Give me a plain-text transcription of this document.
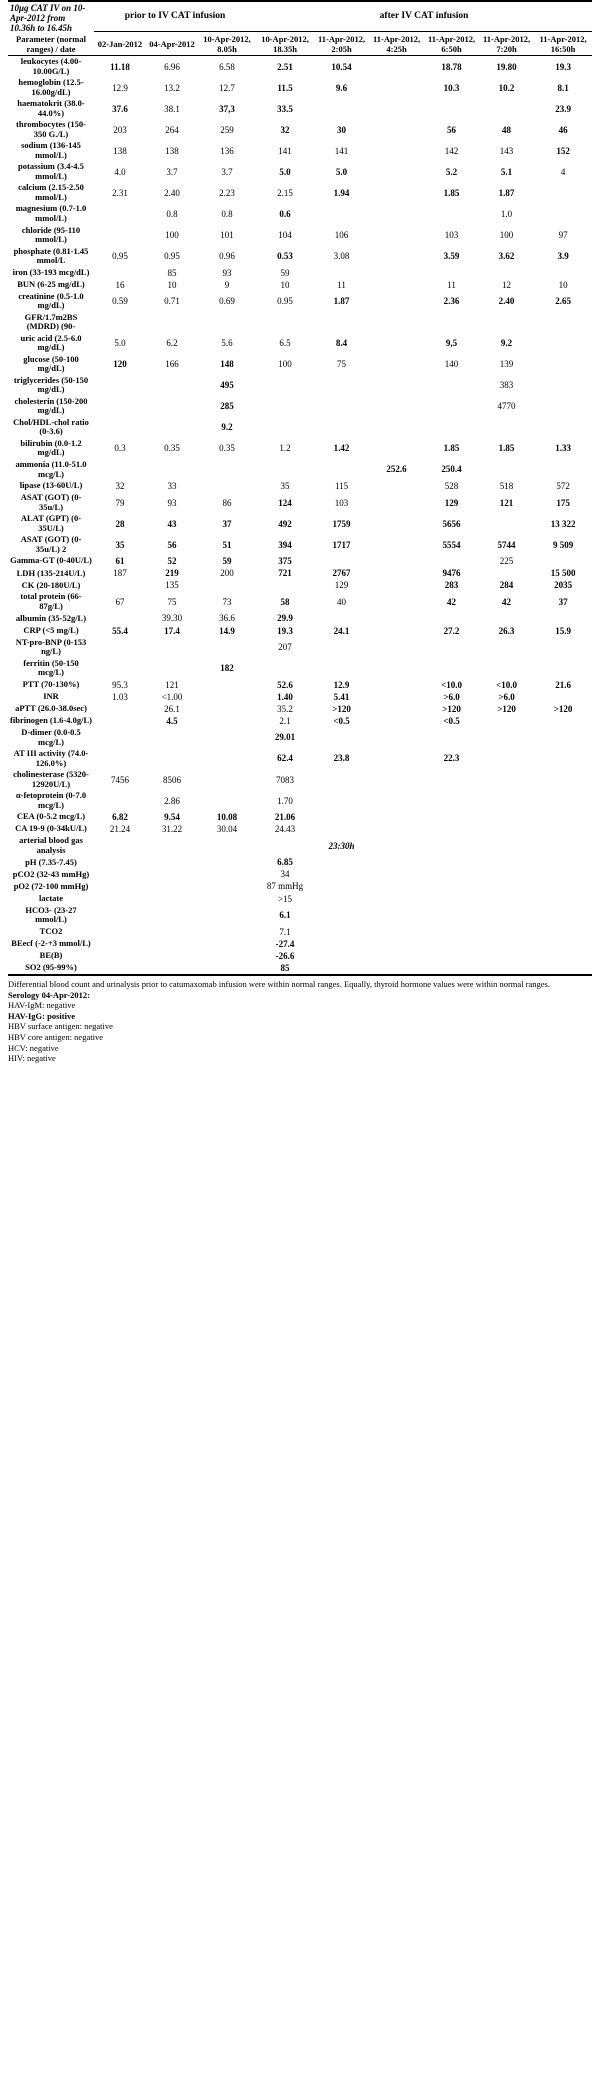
10μg CAT IV on 10-Apr-2012 from 10.36h to 16.45h	prior to IV CAT infusion			after IV CAT infusion					

Parameter (normal ranges) / date	02-Jan-2012	04-Apr-2012	10-Apr-2012, 8.05h	10-Apr-2012, 18.35h	11-Apr-2012, 2:05h	11-Apr-2012, 4:25h	11-Apr-2012, 6:50h	11-Apr-2012, 7:20h	11-Apr-2012, 16:50h
leukocytes (4.00-10.00G/L)	11.18	6.96	6.58	2.51	10.54		18.78	19.80	19.3
hemoglobin (12.5-16.00g/dL)	12.9	13.2	12.7	11.5	9.6		10.3	10.2	8.1
haematokrit (38.0-44.0%)	37.6	38.1	37,3	33.5					23.9
thrombocytes (150-350 G./L)	203	264	259	32	30		56	48	46
sodium (136-145 mmol/L)	138	138	136	141	141		142	143	152
potassium (3.4-4.5 mmol/L)	4.0	3.7	3.7	5.0	5.0		5.2	5.1	4
calcium (2.15-2.50 mmol/L)	2.31	2.40	2.23	2.15	1.94		1.85	1.87	
magnesium (0.7-1.0 mmol/L)		0.8	0.8	0.6				1.0	
chloride (95-110 mmol/L)		100	101	104	106		103	100	97
phosphate (0.81-1.45 mmol/L	0.95	0.95	0.96	0.53	3.08		3.59	3.62	3.9
iron (33-193 mcg/dL)		85	93	59					
BUN (6-25 mg/dL)	16	10	9	10	11		11	12	10
creatinine (0.5-1.0 mg/dL)	0.59	0.71	0.69	0.95	1.87		2.36	2.40	2.65
GFR/1.7m2BS (MDRD) (90-									
uric acid (2.5-6.0 mg/dL)	5.0	6.2	5.6	6.5	8.4		9,5	9.2	
glucose (50-100 mg/dL)	120	166	148	100	75		140	139	
triglycerides (50-150 mg/dL)			495					383	
cholesterin (150-200 mg/dL)			285					4770	
Chol/HDL-chol ratio (0-3.6)			9.2						
bilirubin (0.0-1.2 mg/dL)	0.3	0.35	0.35	1.2	1.42		1.85	1.85	1.33
ammonia (11.0-51.0 mcg/L)						252.6	250.4		
lipase (13-60U/L)	32	33		35	115		528	518	572
ASAT (GOT) (0-35u/L)	79	93	86	124	103		129	121	175
ALAT (GPT) (0-35U/L)	28	43	37	492	1759		5656		13 322
ASAT (GOT) (0-35u/L) 2	35	56	51	394	1717		5554	5744	9 509
Gamma-GT (0-40U/L)	61	52	59	375				225	
LDH (135-214U/L)	187	219	200	721	2767		9476		15 500
CK (20-180U/L)		135			129		283	284	2035
total protein (66-87g/L)	67	75	73	58	40		42	42	37
albumin (35-52g/L)		39.30	36.6	29.9					
CRP (<5 mg/L)	55.4	17.4	14.9	19.3	24.1		27.2	26.3	15.9
NT-pro-BNP (0-153 ng/L)				207					
ferritin (50-150 mcg/L)			182						
PTT (70-130%)	95.3	121		52.6	12.9		<10.0	<10.0	21.6
INR	1.03	<1.00		1.40	5.41		>6.0	>6.0	
aPTT (26.0-38.0sec)		26.1		35.2	>120		>120	>120	>120
fibrinogen (1.6-4.0g/L)		4.5		2.1	<0.5		<0.5		
D-dimer (0.0-0.5 mcg/L)				29.01					
AT III activity (74.0-126.0%)				62.4	23.8		22.3		
cholinesterase (5320-12920U/L)	7456	8506		7083					
α-fetoprotein (0-7.0 mcg/L)		2.86		1.70					
CEA (0-5.2 mcg/L)	6.82	9.54	10.08	21.06					
CA 19-9 (0-34kU/L)	21.24	31.22	30.04	24.43					
arterial blood gas analysis					23:30h				
pH (7.35-7.45)				6.85					
pCO2 (32-43 mmHg)				34					
pO2 (72-100 mmHg)				87 mmHg					
lactate				>15					
HCO3- (23-27 mmol/L)				6.1					
TCO2				7.1					
BEecf (-2-+3 mmol/L)				-27.4					
BE(B)				-26.6					
SO2 (95-99%)				85					
Differential blood count and urinalysis prior to catumaxomab infusion were within normal ranges. Equally, thyroid hormone values were within normal ranges.
Serology 04-Apr-2012:
HAV-IgM: negative
HAV-IgG: positive
HBV surface antigen: negative
HBV core antigen: negative
HCV: negative
HIV: negative
